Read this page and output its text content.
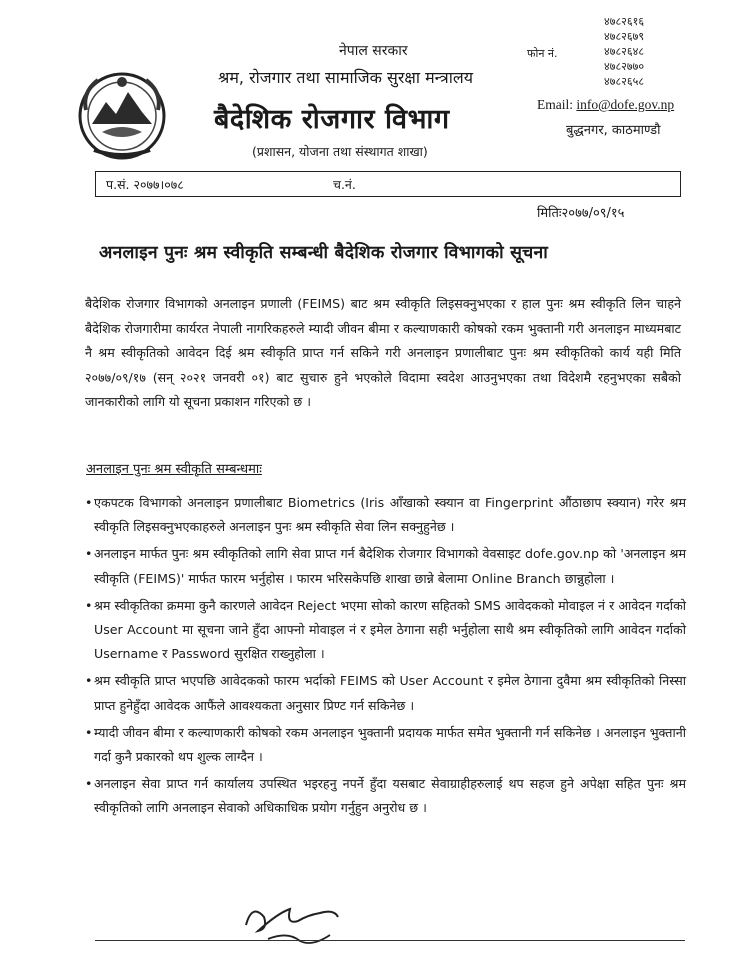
नेपाल सरकार
श्रम, रोजगार तथा सामाजिक सुरक्षा मन्त्रालय
बैदेशिक रोजगार विभाग
(प्रशासन, योजना तथा संस्थागत शाखा)
फोन नं.
४७८२६१६
४७८२६७९
४७८२६४८
४७८२७७०
४७८२६५८
Email: info@dofe.gov.np
बुद्धनगर, काठमाण्डौ
प.सं. २०७७।०७८	च.नं.
मितिः२०७७/०९/१५
अनलाइन पुनः श्रम स्वीकृति सम्बन्धी बैदेशिक रोजगार विभागको सूचना

बैदेशिक रोजगार विभागको अनलाइन प्रणाली (FEIMS) बाट श्रम स्वीकृति लिइसक्नुभएका र हाल पुनः श्रम स्वीकृति लिन चाहने बैदेशिक रोजगारीमा कार्यरत नेपाली नागरिकहरुले म्यादी जीवन बीमा र कल्याणकारी कोषको रकम भुक्तानी गरी अनलाइन माध्यमबाट नै श्रम स्वीकृतिको आवेदन दिई श्रम स्वीकृति प्राप्त गर्न सकिने गरी अनलाइन प्रणालीबाट पुनः श्रम स्वीकृतिको कार्य यही मिति २०७७/०९/१७ (सन् २०२१ जनवरी ०१) बाट सुचारु हुने भएकोले विदामा स्वदेश आउनुभएका तथा विदेशमै रहनुभएका सबैको जानकारीको लागि यो सूचना प्रकाशन गरिएको छ ।

अनलाइन पुनः श्रम स्वीकृति सम्बन्धमाः
• एकपटक विभागको अनलाइन प्रणालीबाट Biometrics (Iris आँखाको स्क्यान वा Fingerprint औंठाछाप स्क्यान) गरेर श्रम स्वीकृति लिइसक्नुभएकाहरुले अनलाइन पुनः श्रम स्वीकृति सेवा लिन सक्नुहुनेछ ।
• अनलाइन मार्फत पुनः श्रम स्वीकृतिको लागि सेवा प्राप्त गर्न बैदेशिक रोजगार विभागको वेवसाइट dofe.gov.np को 'अनलाइन श्रम स्वीकृति (FEIMS)' मार्फत फारम भर्नुहोस । फारम भरिसकेपछि शाखा छान्ने बेलामा Online Branch छान्नुहोला ।
• श्रम स्वीकृतिका क्रममा कुनै कारणले आवेदन Reject भएमा सोको कारण सहितको SMS आवेदकको मोवाइल नं र आवेदन गर्दाको User Account मा सूचना जाने हुँदा आफ्नो मोवाइल नं र इमेल ठेगाना सही भर्नुहोला साथै श्रम स्वीकृतिको लागि आवेदन गर्दाको Username र Password सुरक्षित राख्नुहोला ।
• श्रम स्वीकृति प्राप्त भएपछि आवेदकको फारम भर्दाको FEIMS को User Account र इमेल ठेगाना दुवैमा श्रम स्वीकृतिको निस्सा प्राप्त हुनेहुँदा आवेदक आफैंले आवश्यकता अनुसार प्रिण्ट गर्न सकिनेछ ।
• म्यादी जीवन बीमा र कल्याणकारी कोषको रकम अनलाइन भुक्तानी प्रदायक मार्फत समेत भुक्तानी गर्न सकिनेछ । अनलाइन भुक्तानी गर्दा कुनै प्रकारको थप शुल्क लाग्दैन ।
• अनलाइन सेवा प्राप्त गर्न कार्यालय उपस्थित भइरहनु नपर्ने हुँदा यसबाट सेवाग्राहीहरुलाई थप सहज हुने अपेक्षा सहित पुनः श्रम स्वीकृतिको लागि अनलाइन सेवाको अधिकाधिक प्रयोग गर्नुहुन अनुरोध छ ।
